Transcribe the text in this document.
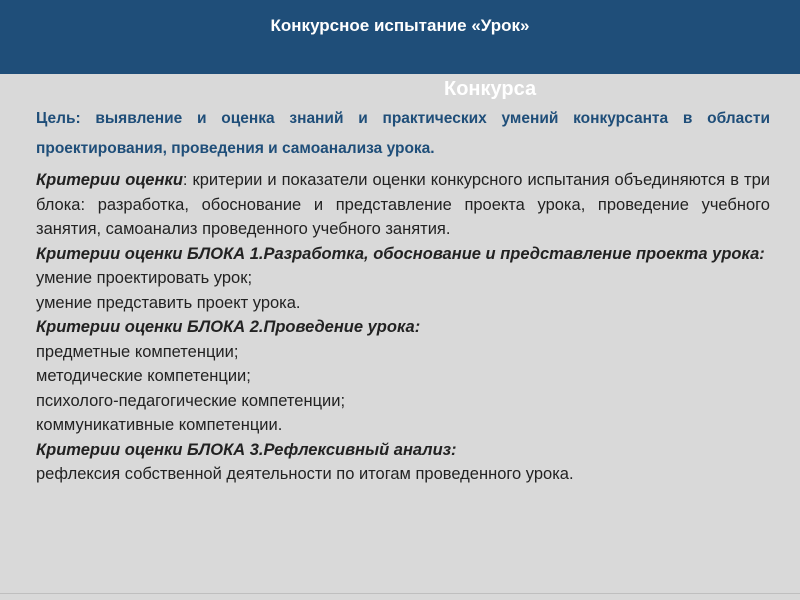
Конкурсное испытание «Урок»
Конкурса
Цель: выявление и оценка знаний и практических умений конкурсанта в области проектирования, проведения и самоанализа урока.

Критерии оценки: критерии и показатели оценки конкурсного испытания объединяются в три блока: разработка, обоснование и представление проекта урока, проведение учебного занятия, самоанализ проведенного учебного занятия.

Критерии оценки БЛОКА 1.Разработка, обоснование и представление проекта урока:

умение проектировать урок;

умение представить проект урока.

Критерии оценки БЛОКА 2.Проведение урока:

предметные компетенции;

методические компетенции;

психолого-педагогические компетенции;

коммуникативные компетенции.

Критерии оценки БЛОКА 3.Рефлексивный анализ:

рефлексия собственной деятельности по итогам проведенного урока.
